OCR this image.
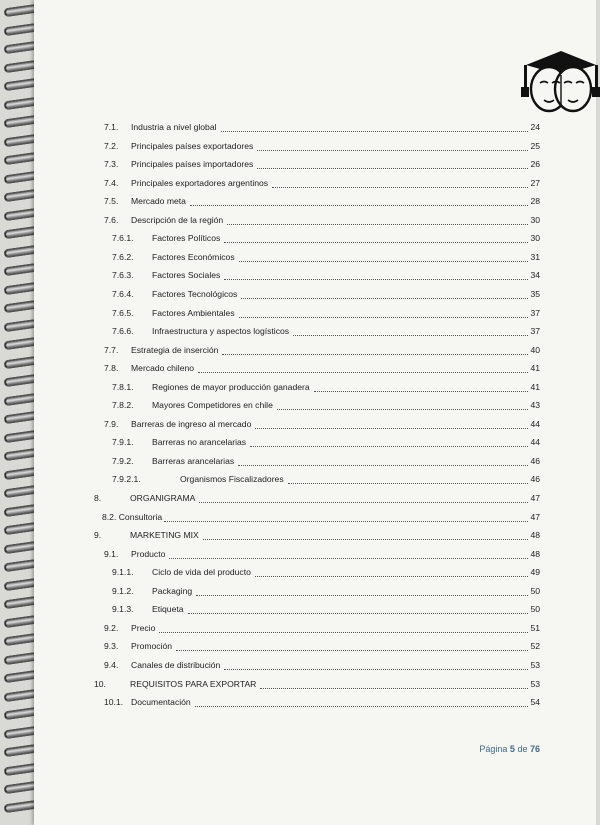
7.1. Industria a nivel global	24
7.2. Principales países exportadores	25
7.3. Principales países importadores	26
7.4. Principales exportadores argentinos	27
7.5. Mercado meta	28
7.6. Descripción de la región	30
7.6.1. Factores Políticos	30
7.6.2. Factores Económicos	31
7.6.3. Factores Sociales	34
7.6.4. Factores Tecnológicos	35
7.6.5. Factores Ambientales	37
7.6.6. Infraestructura y aspectos logísticos	37
7.7. Estrategia de inserción	40
7.8. Mercado chileno	41
7.8.1. Regiones de mayor producción ganadera	41
7.8.2. Mayores Competidores en chile	43
7.9. Barreras de ingreso al mercado	44
7.9.1. Barreras no arancelarias	44
7.9.2. Barreras arancelarias	46
7.9.2.1.	Organismos Fiscalizadores	46
8.	ORGANIGRAMA	47
8.2. Consultoria	47
9.	MARKETING MIX	48
9.1. Producto	48
9.1.1. Ciclo de vida del producto	49
9.1.2. Packaging	50
9.1.3. Etiqueta	50
9.2. Precio	51
9.3. Promoción	52
9.4. Canales de distribución	53
10.	REQUISITOS PARA EXPORTAR	53
10.1. Documentación	54
Página 5 de 76
